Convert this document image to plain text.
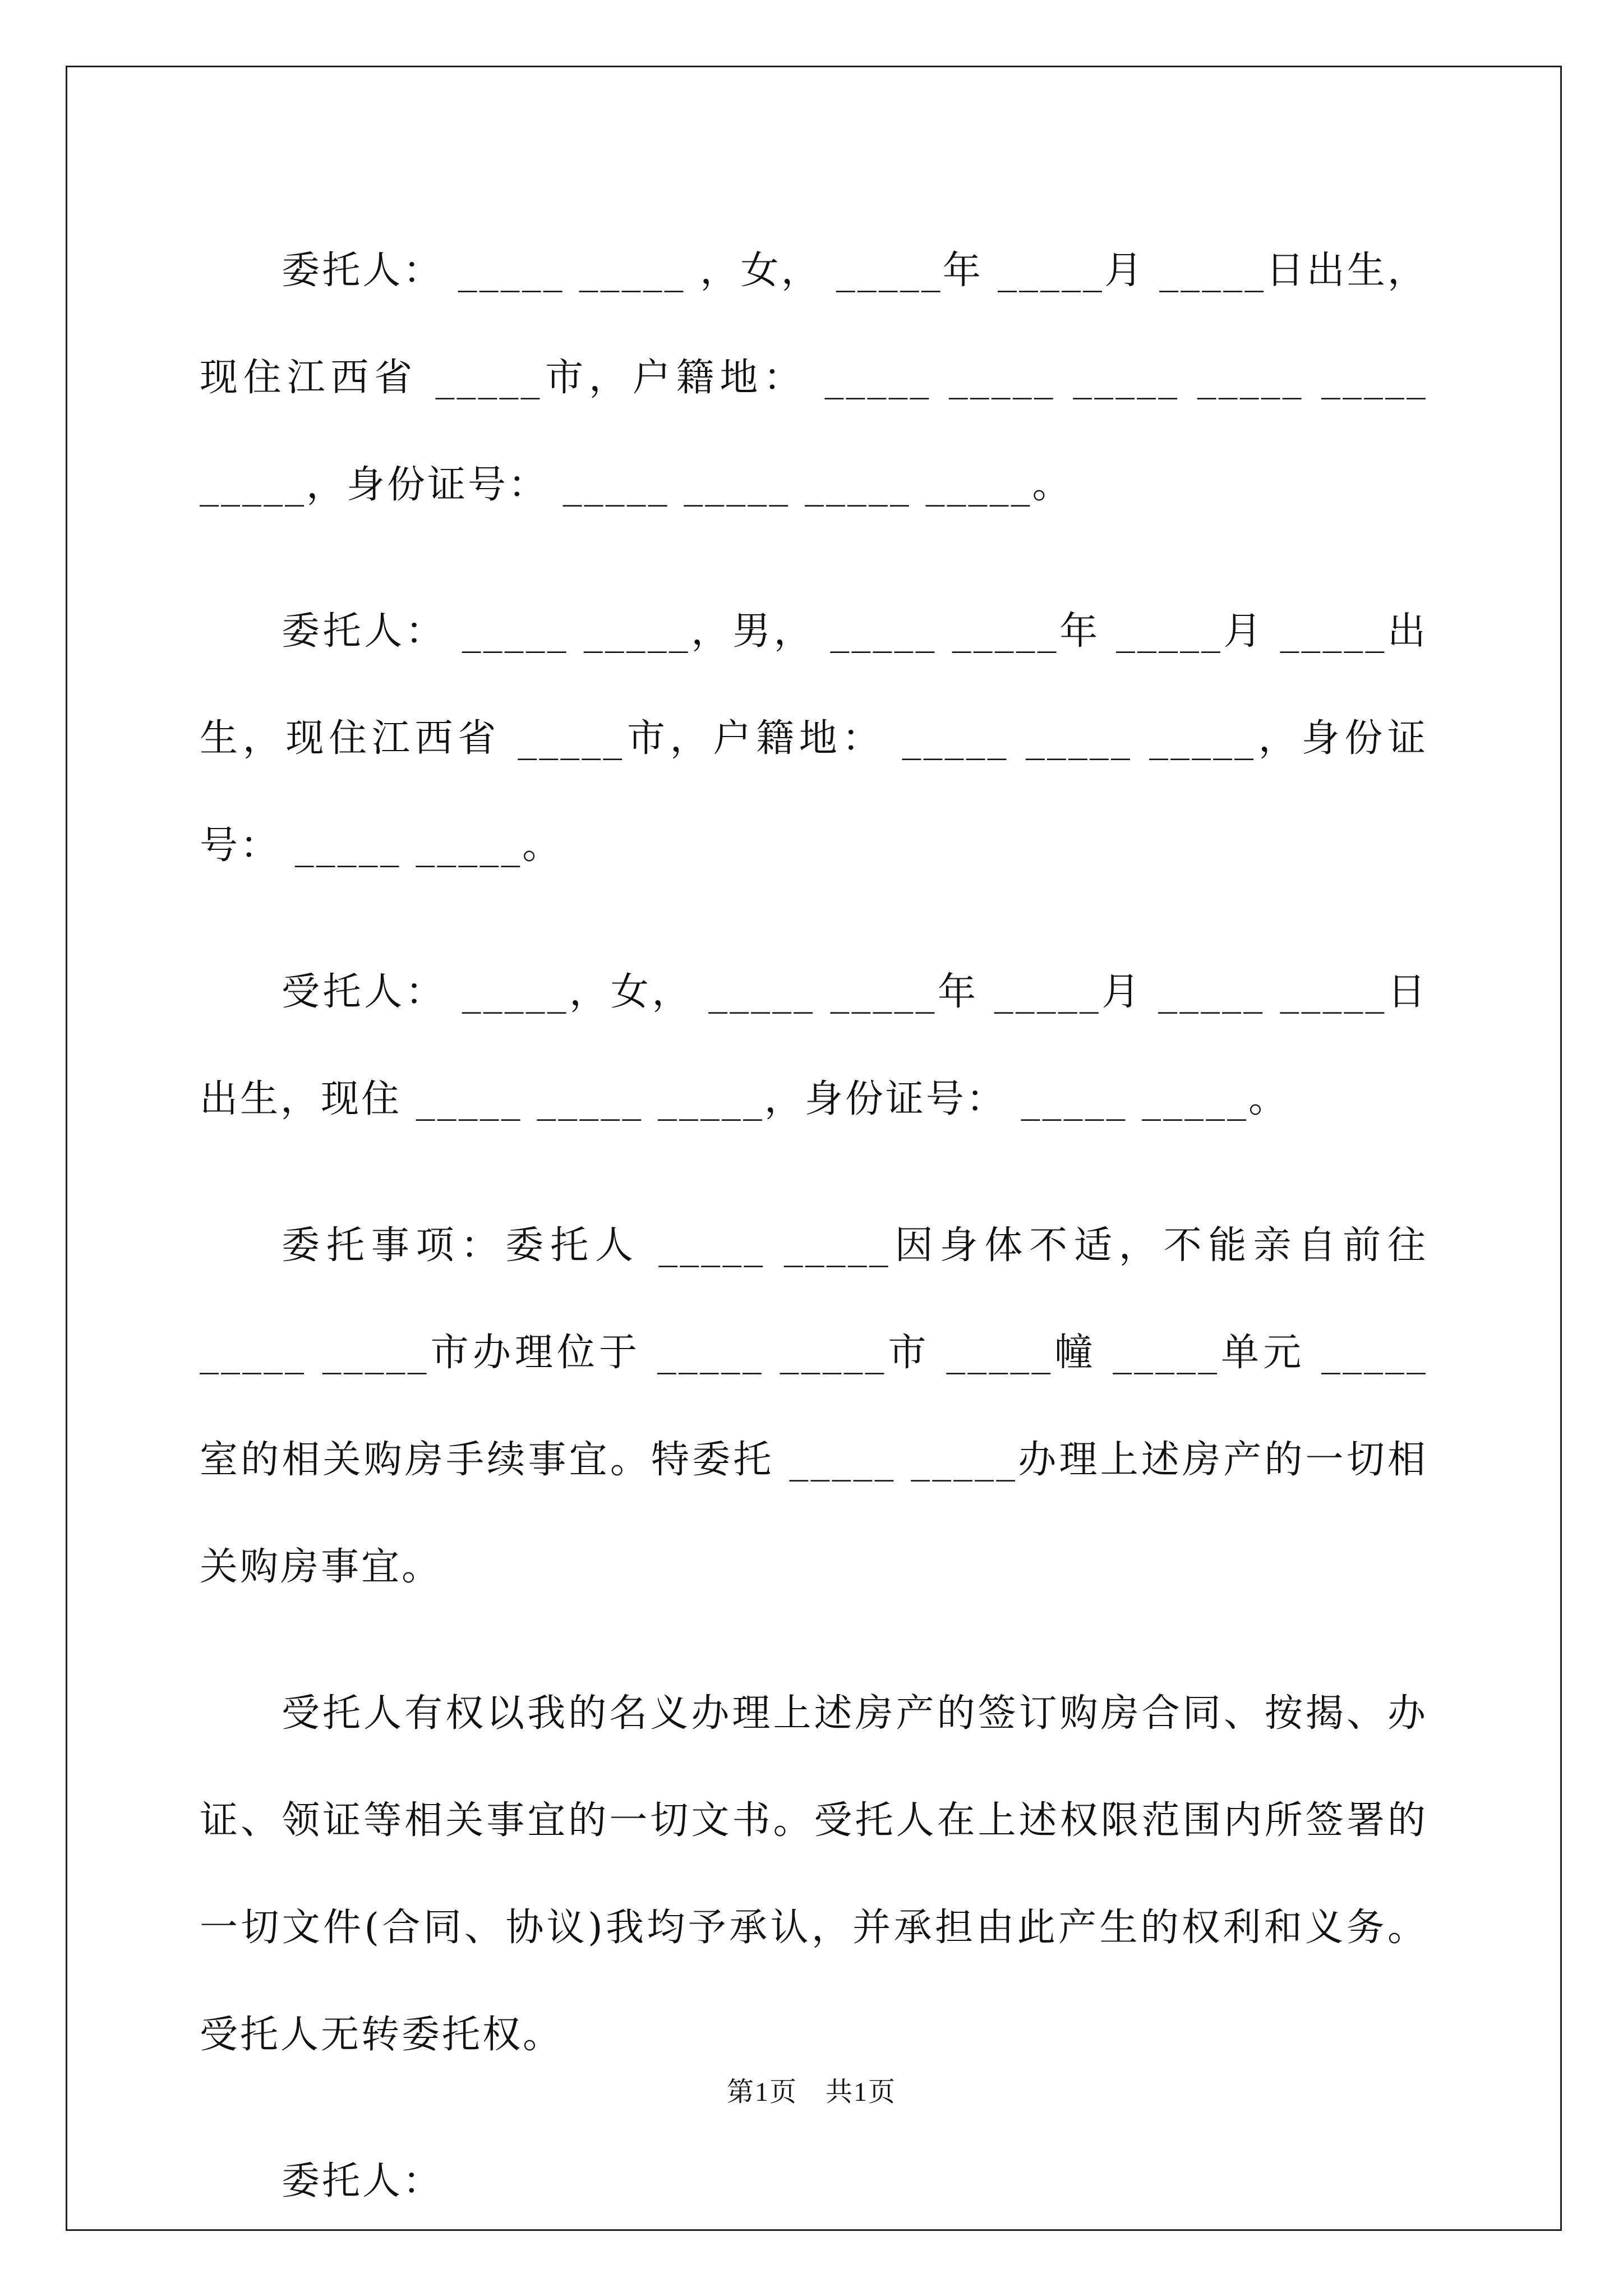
委托人： _____ _____ ，女， _____年 _____月 _____日出生，现住江西省 _____市，户籍地： _____ _____ _____ _____ _____ _____，身份证号： _____ _____ _____ _____。

委托人： _____ _____，男， _____ _____年 _____月 _____出生，现住江西省 _____市，户籍地： _____ _____ _____，身份证号： _____ _____。

受托人： _____，女， _____ _____年 _____月 _____ _____日出生，现住 _____ _____ _____，身份证号： _____ _____。

委托事项：委托人 _____ _____因身体不适，不能亲自前往 _____ _____市办理位于 _____ _____市 _____幢 _____单元 _____室的相关购房手续事宜。特委托 _____ _____办理上述房产的一切相关购房事宜。

受托人有权以我的名义办理上述房产的签订购房合同、按揭、办证、领证等相关事宜的一切文书。受托人在上述权限范围内所签署的一切文件(合同、协议)我均予承认，并承担由此产生的权利和义务。受托人无转委托权。

委托人：

第1页　共1页
